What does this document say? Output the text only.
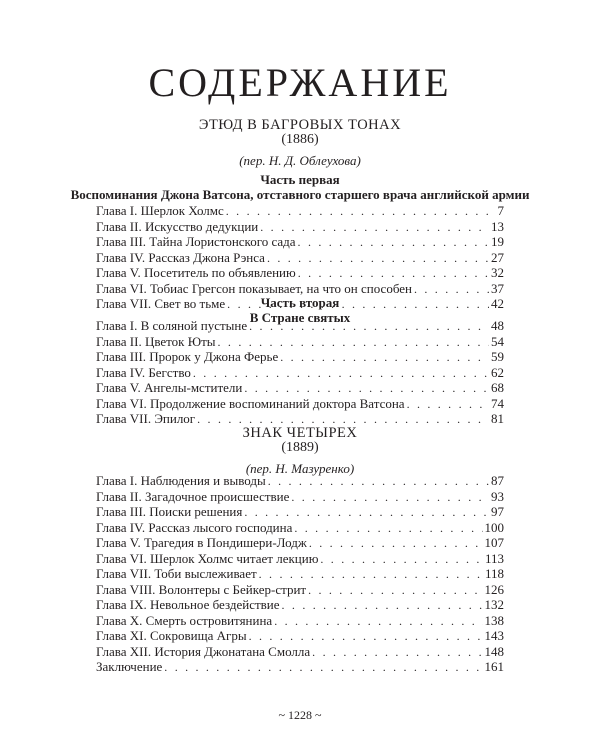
СОДЕРЖАНИЕ
ЭТЮД В БАГРОВЫХ ТОНАХ
(1886)
(пер. Н. Д. Облеухова)
Часть первая
Воспоминания Джона Ватсона, отставного старшего врача английской армии
Глава I. Шерлок Холмс . . .	7
Глава II. Искусство дедукции . . .	13
Глава III. Тайна Лористонского сада . . .	19
Глава IV. Рассказ Джона Рэнса . . .	27
Глава V. Посетитель по объявлению . . .	32
Глава VI. Тобиас Грегсон показывает, на что он способен . . .	37
Глава VII. Свет во тьме . . .	42
Часть вторая
В Стране святых
Глава I. В соляной пустыне . . .	48
Глава II. Цветок Юты . . .	54
Глава III. Пророк у Джона Ферье . . .	59
Глава IV. Бегство . . .	62
Глава V. Ангелы-мстители . . .	68
Глава VI. Продолжение воспоминаний доктора Ватсона . . .	74
Глава VII. Эпилог . . .	81
ЗНАК ЧЕТЫРЕХ
(1889)
(пер. Н. Мазуренко)
Глава I. Наблюдения и выводы . . .	87
Глава II. Загадочное происшествие . . .	93
Глава III. Поиски решения . . .	97
Глава IV. Рассказ лысого господина . . .	100
Глава V. Трагедия в Пондишери-Лодж . . .	107
Глава VI. Шерлок Холмс читает лекцию . . .	113
Глава VII. Тоби выслеживает . . .	118
Глава VIII. Волонтеры с Бейкер-стрит . . .	126
Глава IX. Невольное бездействие . . .	132
Глава X. Смерть островитянина . . .	138
Глава XI. Сокровища Агры . . .	143
Глава XII. История Джонатана Смолла . . .	148
Заключение . . .	161
~ 1228 ~
